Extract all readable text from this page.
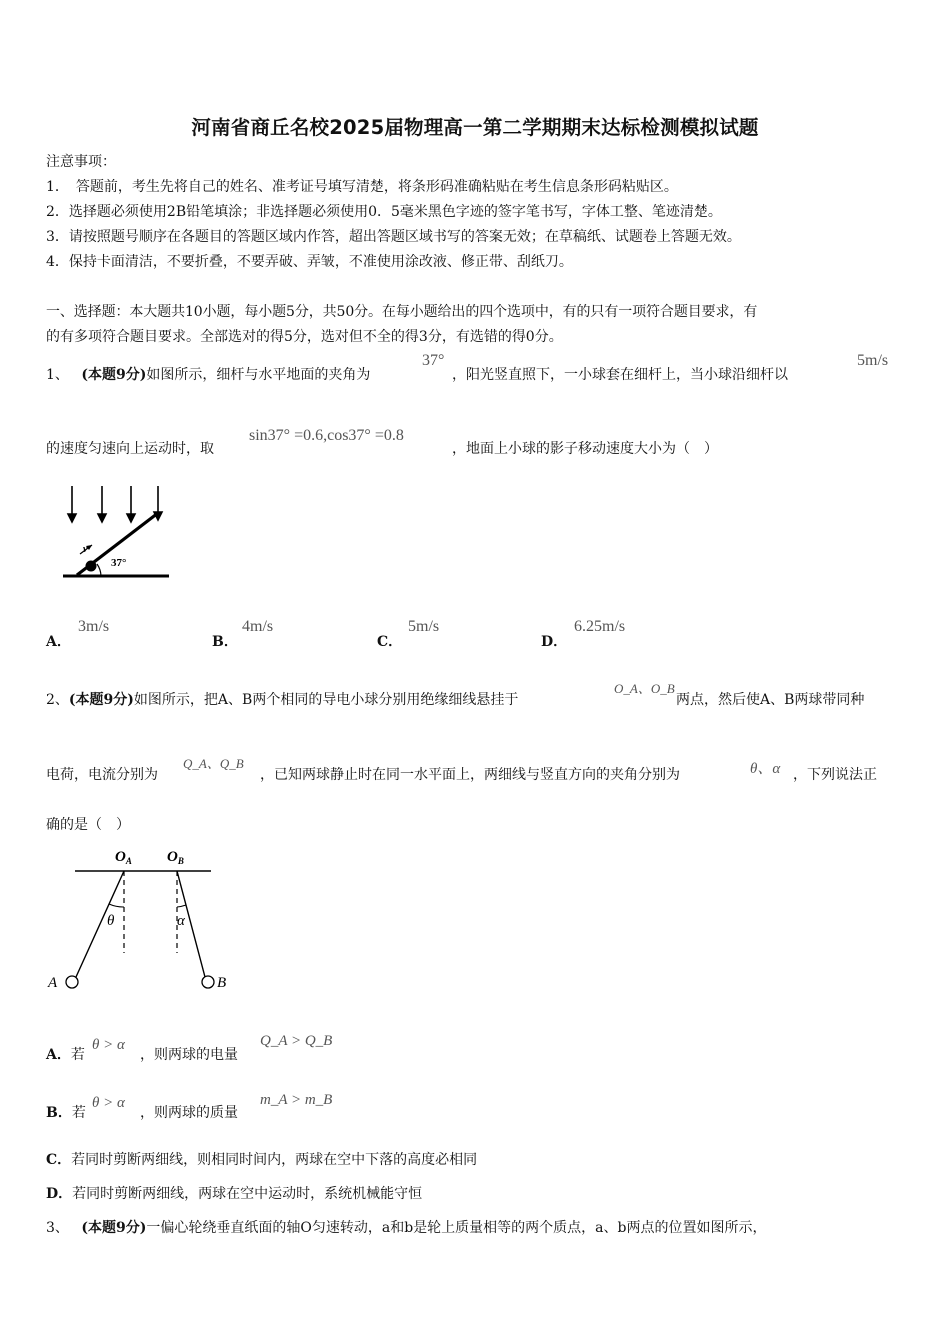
河南省商丘名校2025届物理高一第二学期期末达标检测模拟试题
注意事项：
1．　答题前，考生先将自己的姓名、准考证号填写清楚，将条形码准确粘贴在考生信息条形码粘贴区。
2．选择题必须使用2B铅笔填涂；非选择题必须使用0．5毫米黑色字迹的签字笔书写，字体工整、笔迹清楚。
3．请按照题号顺序在各题目的答题区域内作答，超出答题区域书写的答案无效；在草稿纸、试题卷上答题无效。
4．保持卡面清洁，不要折叠，不要弄破、弄皱，不准使用涂改液、修正带、刮纸刀。
一、选择题：本大题共10小题，每小题5分，共50分。在每小题给出的四个选项中，有的只有一项符合题目要求，有
的有多项符合题目要求。全部选对的得5分，选对但不全的得3分，有选错的得0分。
1、 (本题9分)如图所示，细杆与水平地面的夹角为
37°
，阳光竖直照下，一小球套在细杆上，当小球沿细杆以
5m/s
的速度匀速向上运动时，取
sin37° =0.6,cos37° =0.8
，地面上小球的影子移动速度大小为（　）
v
37°
A．
3m/s
B．
4m/s
C．
5m/s
D．
6.25m/s
2、(本题9分)如图所示，把A、B两个相同的导电小球分别用绝缘细线悬挂于
O_A、O_B
两点，然后使A、B两球带同种
电荷，电流分别为
Q_A、Q_B
，已知两球静止时在同一水平面上，两细线与竖直方向的夹角分别为	θ、α ，下列说法正
确的是（　）
$O_A$ $O_B$
θ	α
A	B
A．若
θ > α
，则两球的电量
Q_A > Q_B
B．若
θ > α
，则两球的质量
m_A > m_B
C．若同时剪断两细线，则相同时间内，两球在空中下落的高度必相同
D．若同时剪断两细线，两球在空中运动时，系统机械能守恒
3、 (本题9分)一偏心轮绕垂直纸面的轴O匀速转动，a和b是轮上质量相等的两个质点，a、b两点的位置如图所示，
